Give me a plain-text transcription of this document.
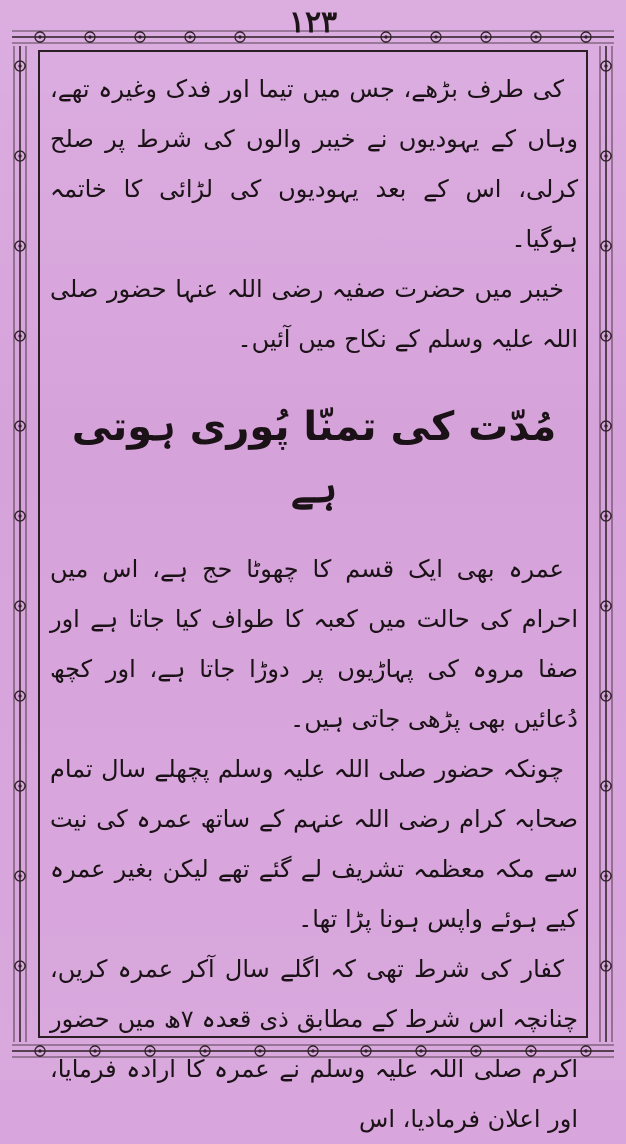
۱۲۳

کی طرف بڑھے، جس میں تیما اور فدک وغیرہ تھے، وہاں کے یہودیوں نے خیبر والوں کی شرط پر صلح کرلی، اس کے بعد یہودیوں کی لڑائی کا خاتمہ ہوگیا۔

خیبر میں حضرت صفیہ رضی اللہ عنہا حضور صلی اللہ علیہ وسلم کے نکاح میں آئیں۔

مُدّت کی تمنّا پُوری ہوتی ہے

عمرہ بھی ایک قسم کا چھوٹا حج ہے، اس میں احرام کی حالت میں کعبہ کا طواف کیا جاتا ہے اور صفا مروہ کی پہاڑیوں پر دوڑا جاتا ہے، اور کچھ دُعائیں بھی پڑھی جاتی ہیں۔

چونکہ حضور صلی اللہ علیہ وسلم پچھلے سال تمام صحابہ کرام رضی اللہ عنہم کے ساتھ عمرہ کی نیت سے مکہ معظمہ تشریف لے گئے تھے لیکن بغیر عمرہ کیے ہوئے واپس ہونا پڑا تھا۔

کفار کی شرط تھی کہ اگلے سال آکر عمرہ کریں، چنانچہ اس شرط کے مطابق ذی قعدہ ۷ھ میں حضور اکرم صلی اللہ علیہ وسلم نے عمرہ کا ارادہ فرمایا، اور اعلان فرمادیا، اس
